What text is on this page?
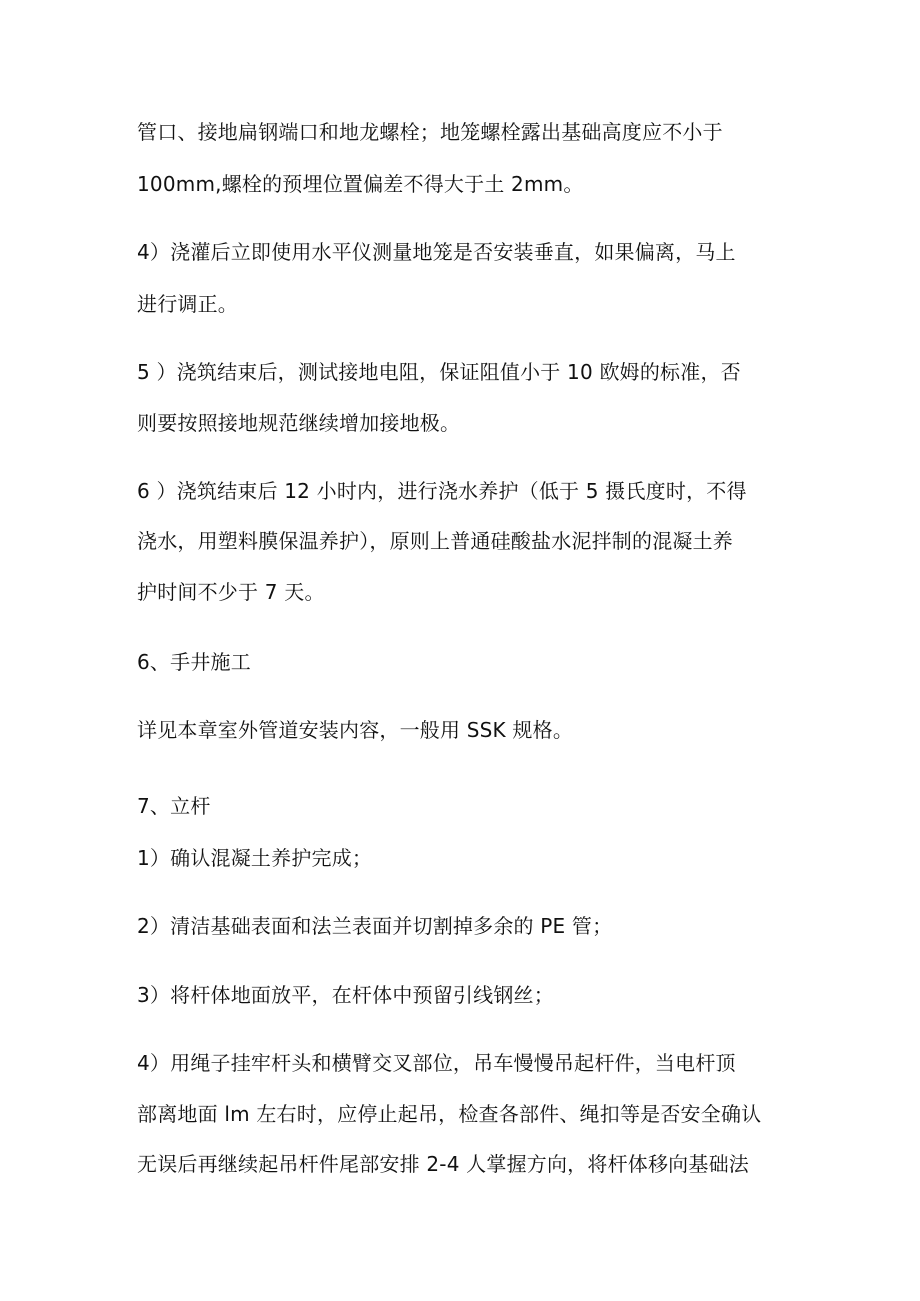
管口、接地扁钢端口和地龙螺栓；地笼螺栓露出基础高度应不小于
100mm,螺栓的预埋位置偏差不得大于土 2mm。
4）浇灌后立即使用水平仪测量地笼是否安装垂直，如果偏离，马上
进行调正。
5 ）浇筑结束后，测试接地电阻，保证阻值小于 10 欧姆的标准，否
则要按照接地规范继续增加接地极。
6 ）浇筑结束后 12 小时内，进行浇水养护（低于 5 摄氏度时，不得
浇水，用塑料膜保温养护），原则上普通硅酸盐水泥拌制的混凝土养
护时间不少于 7 天。
6、手井施工
详见本章室外管道安装内容，一般用 SSK 规格。
7、立杆
1）确认混凝土养护完成；
2）清洁基础表面和法兰表面并切割掉多余的 PE 管；
3）将杆体地面放平，在杆体中预留引线钢丝；
4）用绳子挂牢杆头和横臂交叉部位，吊车慢慢吊起杆件，当电杆顶
部离地面 lm 左右时，应停止起吊，检查各部件、绳扣等是否安全确认
无误后再继续起吊杆件尾部安排 2-4 人掌握方向，将杆体移向基础法
